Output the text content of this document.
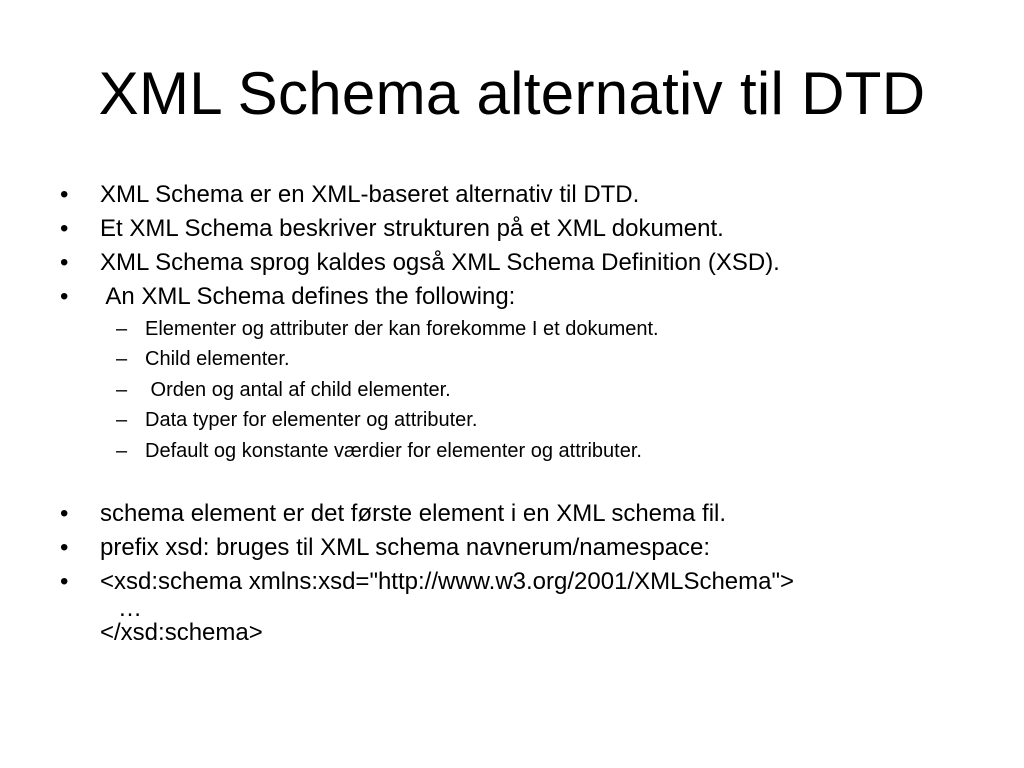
XML Schema alternativ til DTD
•	XML Schema er en XML-baseret alternativ til DTD.
•	Et XML Schema beskriver strukturen på et XML dokument.
•	XML Schema sprog kaldes også XML Schema Definition (XSD).
•	An XML Schema defines the following:
– Elementer og attributer der kan forekomme I et dokument.
– Child elementer.
– Orden og antal af child elementer.
– Data typer for elementer og attributer.
– Default og konstante værdier for elementer og attributer.
•	schema element er det første element i en XML schema fil.
•	prefix xsd: bruges til XML schema navnerum/namespace:
•	<xsd:schema xmlns:xsd="http://www.w3.org/2001/XMLSchema">
…
</xsd:schema>
